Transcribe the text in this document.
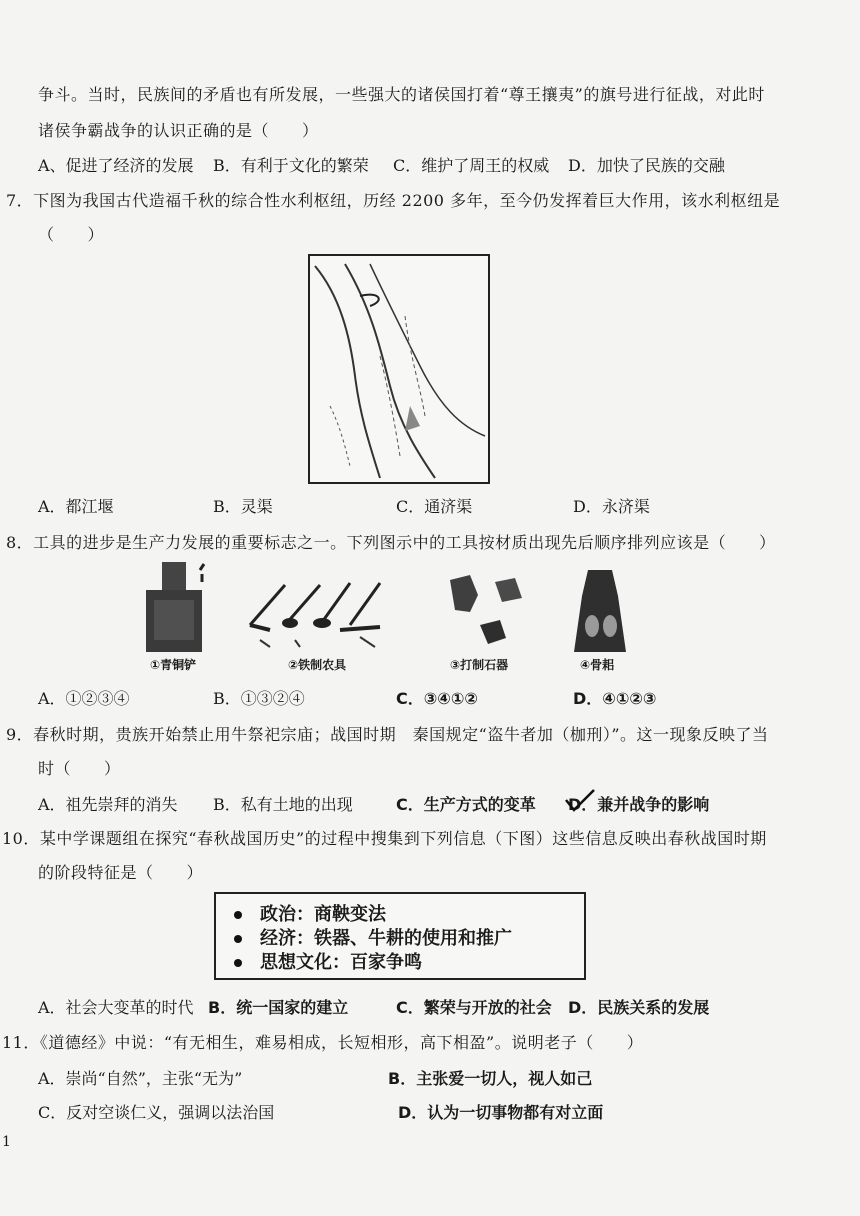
争斗。当时，民族间的矛盾也有所发展，一些强大的诸侯国打着“尊王攘夷”的旗号进行征战，对此时
诸侯争霸战争的认识正确的是（　　）
A、促进了经济的发展 B．有利于文化的繁荣 C．维护了周王的权威 D．加快了民族的交融
7．下图为我国古代造福千秋的综合性水利枢纽，历经 2200 多年，至今仍发挥着巨大作用，该水利枢纽是
（　　）
A．都江堰	B．灵渠	C．通济渠	D．永济渠
8．工具的进步是生产力发展的重要标志之一。下列图示中的工具按材质出现先后顺序排列应该是（　　）
①青铜铲	②铁制农具	③打制石器	④骨耜
A．①②③④	B．①③②④	C．③④①②	D．④①②③
9．春秋时期，贵族开始禁止用牛祭祀宗庙；战国时期　秦国规定“盗牛者加（枷刑）”。这一现象反映了当
时（　　）
A．祖先崇拜的消失 B．私有土地的出现	C．生产方式的变革 D．兼并战争的影响
10．某中学课题组在探究“春秋战国历史”的过程中搜集到下列信息（下图）这些信息反映出春秋战国时期
的阶段特征是（　　）
政治：商鞅变法
经济：铁器、牛耕的使用和推广
思想文化：百家争鸣
A．社会大变革的时代 B．统一国家的建立	C．繁荣与开放的社会 D．民族关系的发展
11．《道德经》中说：“有无相生，难易相成，长短相形，高下相盈”。说明老子（　　）
A．崇尚“自然”，主张“无为”	B．主张爱一切人，视人如己
C．反对空谈仁义，强调以法治国	D．认为一切事物都有对立面
1
